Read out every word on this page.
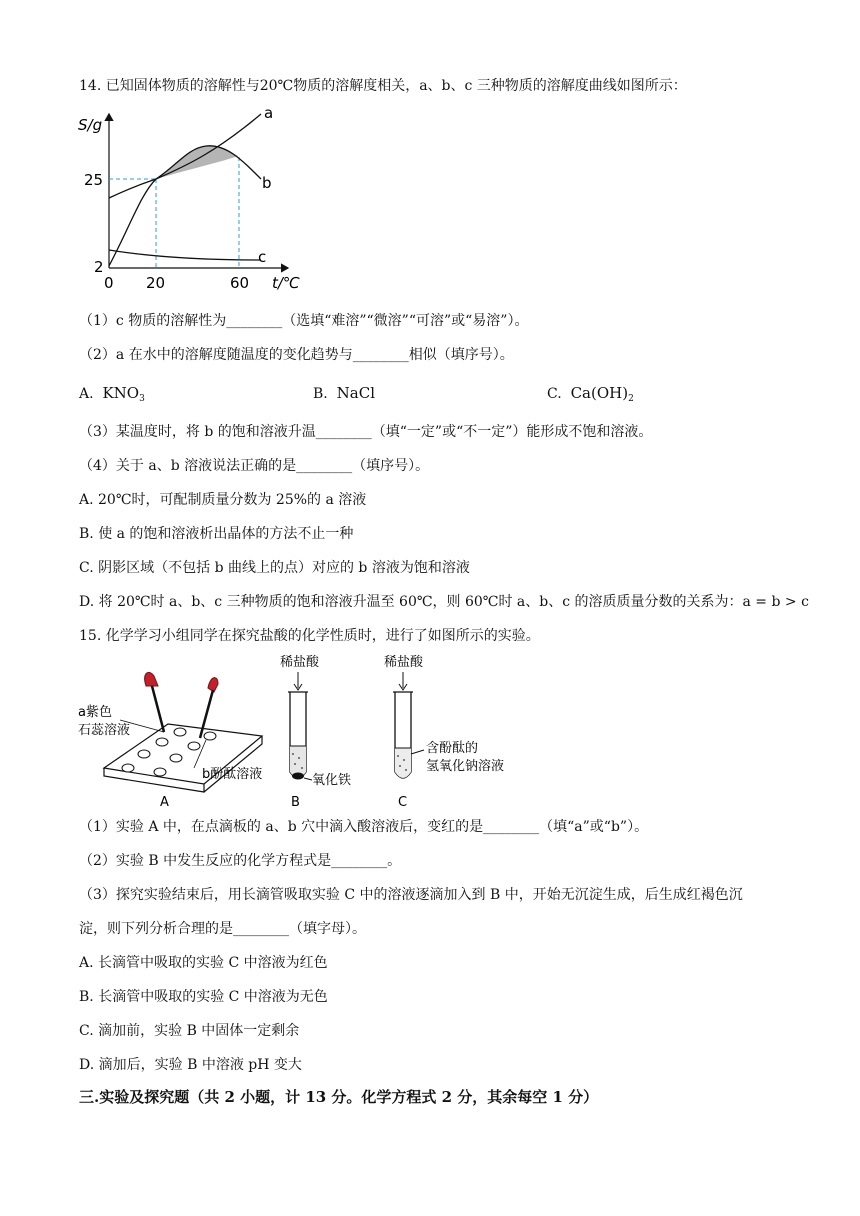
14. 已知固体物质的溶解性与20℃物质的溶解度相关，a、b、c 三种物质的溶解度曲线如图所示：
S/g
t/℃
25
2
0 20	60
a
b
c
（1）c 物质的溶解性为________（选填“难溶”“微溶”“可溶”或“易溶”）。
（2）a 在水中的溶解度随温度的变化趋势与________相似（填序号）。
A. $KNO_3$	B. NaCl	C. $Ca(OH)_2$
（3）某温度时，将 b 的饱和溶液升温________（填“一定”或“不一定”）能形成不饱和溶液。
（4）关于 a、b 溶液说法正确的是________（填序号）。
A. 20℃时，可配制质量分数为 25%的 a 溶液
B. 使 a 的饱和溶液析出晶体的方法不止一种
C. 阴影区域（不包括 b 曲线上的点）对应的 b 溶液为饱和溶液
D. 将 20℃时 a、b、c 三种物质的饱和溶液升温至 60℃，则 60℃时 a、b、c 的溶质质量分数的关系为：a = b > c
15. 化学学习小组同学在探究盐酸的化学性质时，进行了如图所示的实验。
a紫色
石蕊溶液
b酚酞溶液
A
稀盐酸
氧化铁
B
稀盐酸
含酚酞的
氢氧化钠溶液
C
（1）实验 A 中，在点滴板的 a、b 穴中滴入酸溶液后，变红的是________（填“a”或“b”）。
（2）实验 B 中发生反应的化学方程式是________。
（3）探究实验结束后，用长滴管吸取实验 C 中的溶液逐滴加入到 B 中，开始无沉淀生成，后生成红褐色沉
淀，则下列分析合理的是________（填字母）。
A. 长滴管中吸取的实验 C 中溶液为红色
B. 长滴管中吸取的实验 C 中溶液为无色
C. 滴加前，实验 B 中固体一定剩余
D. 滴加后，实验 B 中溶液 pH 变大
三.实验及探究题（共 2 小题，计 13 分。化学方程式 2 分，其余每空 1 分）
